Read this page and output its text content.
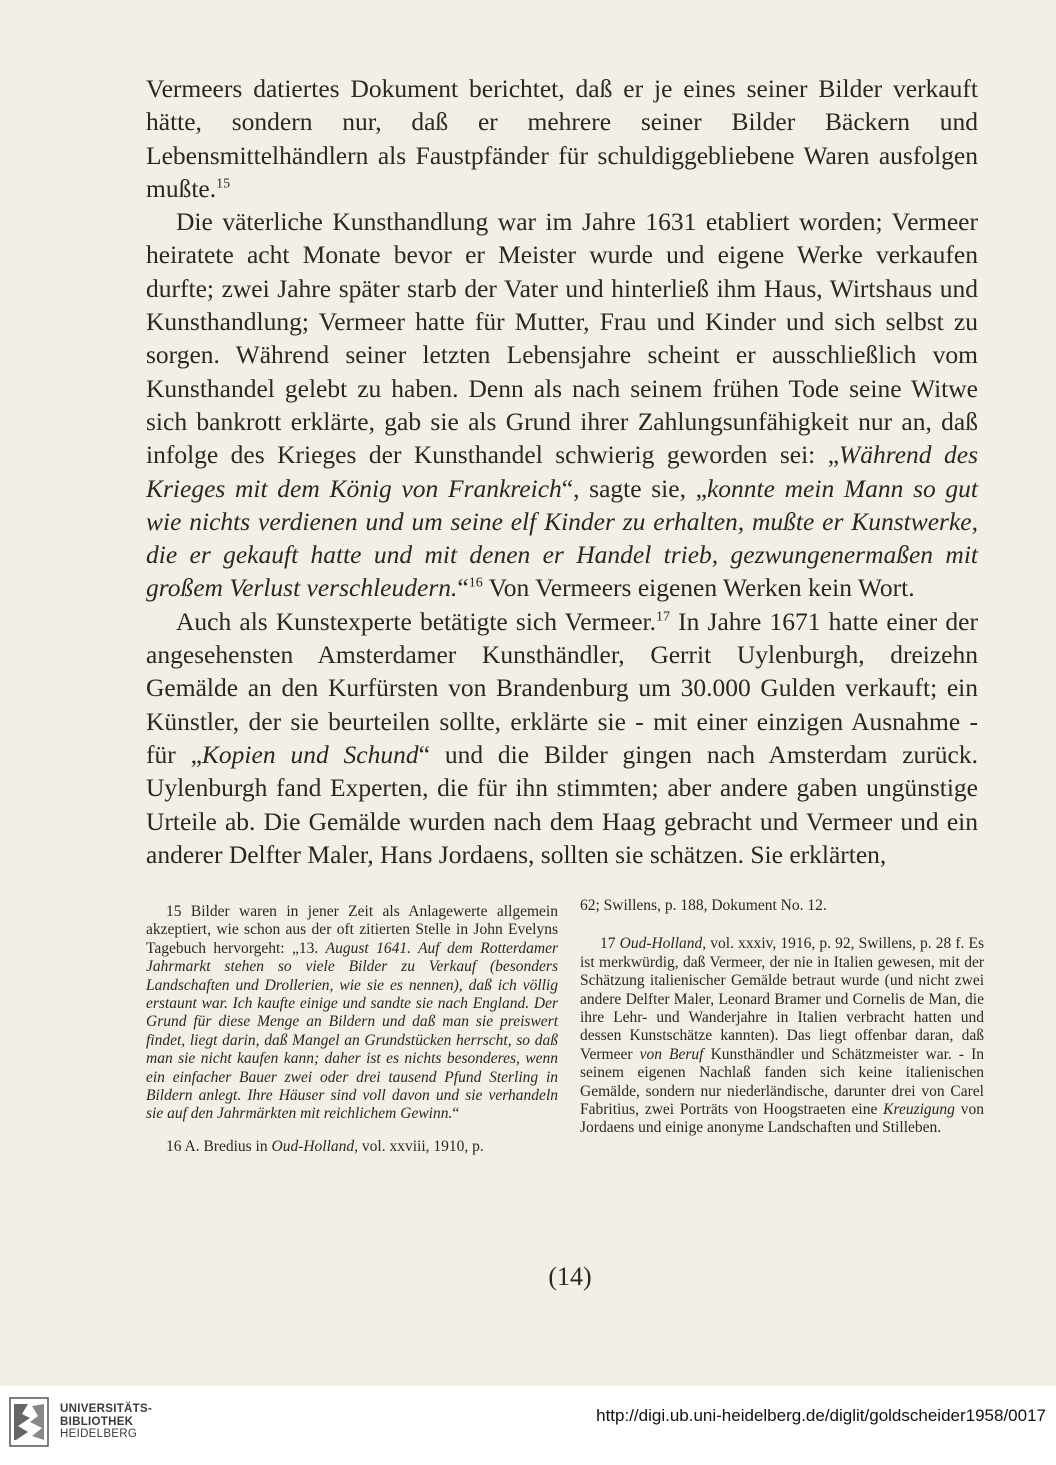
Vermeers datiertes Dokument berichtet, daß er je eines seiner Bilder verkauft hätte, sondern nur, daß er mehrere seiner Bilder Bäckern und Lebensmittelhändlern als Faustpfänder für schuldiggebliebene Waren ausfolgen mußte.$^{15}$

Die väterliche Kunsthandlung war im Jahre 1631 etabliert worden; Vermeer heiratete acht Monate bevor er Meister wurde und eigene Werke verkaufen durfte; zwei Jahre später starb der Vater und hinterließ ihm Haus, Wirtshaus und Kunsthandlung; Vermeer hatte für Mutter, Frau und Kinder und sich selbst zu sorgen. Während seiner letzten Lebensjahre scheint er ausschließlich vom Kunsthandel gelebt zu haben. Denn als nach seinem frühen Tode seine Witwe sich bankrott erklärte, gab sie als Grund ihrer Zahlungsunfähigkeit nur an, daß infolge des Krieges der Kunsthandel schwierig geworden sei: „Während des Krieges mit dem König von Frankreich“, sagte sie, „konnte mein Mann so gut wie nichts verdienen und um seine elf Kinder zu erhalten, mußte er Kunstwerke, die er gekauft hatte und mit denen er Handel trieb, gezwungenermaßen mit großem Verlust verschleudern.“$^{16}$ Von Vermeers eigenen Werken kein Wort.

Auch als Kunstexperte betätigte sich Vermeer.$^{17}$ In Jahre 1671 hatte einer der angesehensten Amsterdamer Kunsthändler, Gerrit Uylenburgh, dreizehn Gemälde an den Kurfürsten von Brandenburg um 30.000 Gulden verkauft; ein Künstler, der sie beurteilen sollte, erklärte sie - mit einer einzigen Ausnahme - für „Kopien und Schund“ und die Bilder gingen nach Amsterdam zurück. Uylenburgh fand Experten, die für ihn stimmten; aber andere gaben ungünstige Urteile ab. Die Gemälde wurden nach dem Haag gebracht und Vermeer und ein anderer Delfter Maler, Hans Jordaens, sollten sie schätzen. Sie erklärten,

15 Bilder waren in jener Zeit als Anlagewerte allgemein akzeptiert, wie schon aus der oft zitierten Stelle in John Evelyns Tagebuch hervorgeht: „13. August 1641. Auf dem Rotterdamer Jahrmarkt stehen so viele Bilder zu Verkauf (besonders Landschaften und Drollerien, wie sie es nennen), daß ich völlig erstaunt war. Ich kaufte einige und sandte sie nach England. Der Grund für diese Menge an Bildern und daß man sie preiswert findet, liegt darin, daß Mangel an Grundstücken herrscht, so daß man sie nicht kaufen kann; daher ist es nichts besonderes, wenn ein einfacher Bauer zwei oder drei tausend Pfund Sterling in Bildern anlegt. Ihre Häuser sind voll davon und sie verhandeln sie auf den Jahrmärkten mit reichlichem Gewinn.“

16 A. Bredius in Oud-Holland, vol. xxviii, 1910, p.

62; Swillens, p. 188, Dokument No. 12.

17 Oud-Holland, vol. xxxiv, 1916, p. 92, Swillens, p. 28 f. Es ist merkwürdig, daß Vermeer, der nie in Italien gewesen, mit der Schätzung italienischer Gemälde betraut wurde (und nicht zwei andere Delfter Maler, Leonard Bramer und Cornelis de Man, die ihre Lehr- und Wanderjahre in Italien verbracht hatten und dessen Kunstschätze kannten). Das liegt offenbar daran, daß Vermeer von Beruf Kunsthändler und Schätzmeister war. - In seinem eigenen Nachlaß fanden sich keine italienischen Gemälde, sondern nur niederländische, darunter drei von Carel Fabritius, zwei Porträts von Hoogstraeten eine Kreuzigung von Jordaens und einige anonyme Landschaften und Stilleben.

(14)
UNIVERSITÄTS-
BIBLIOTHEK
HEIDELBERG
http://digi.ub.uni-heidelberg.de/diglit/goldscheider1958/0017
